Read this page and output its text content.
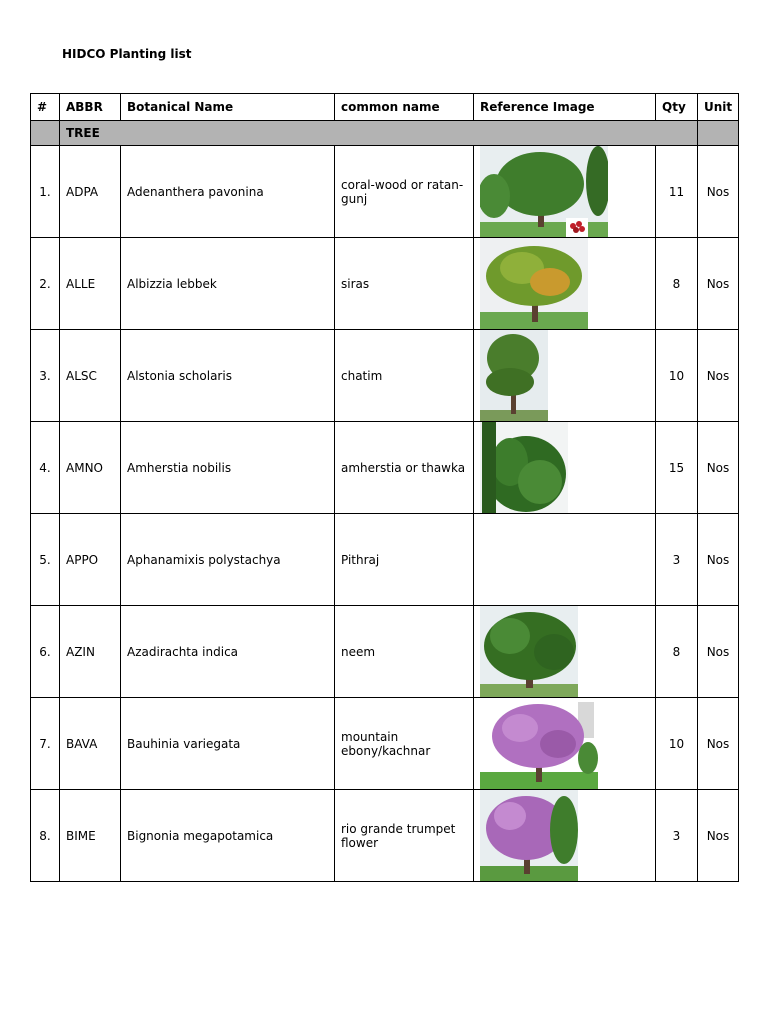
HIDCO Planting list
#	ABBR	Botanical Name	common name	Reference Image	Qty	Unit
	TREE					
1.	ADPA	Adenanthera pavonina	coral-wood or ratan-gunj		11	Nos
2.	ALLE	Albizzia lebbek	siras		8	Nos
3.	ALSC	Alstonia scholaris	chatim		10	Nos
4.	AMNO	Amherstia nobilis	amherstia or thawka		15	Nos
5.	APPO	Aphanamixis polystachya	Pithraj		3	Nos
6.	AZIN	Azadirachta indica	neem		8	Nos
7.	BAVA	Bauhinia variegata	mountain ebony/kachnar		10	Nos
8.	BIME	Bignonia megapotamica	rio grande trumpet flower		3	Nos
